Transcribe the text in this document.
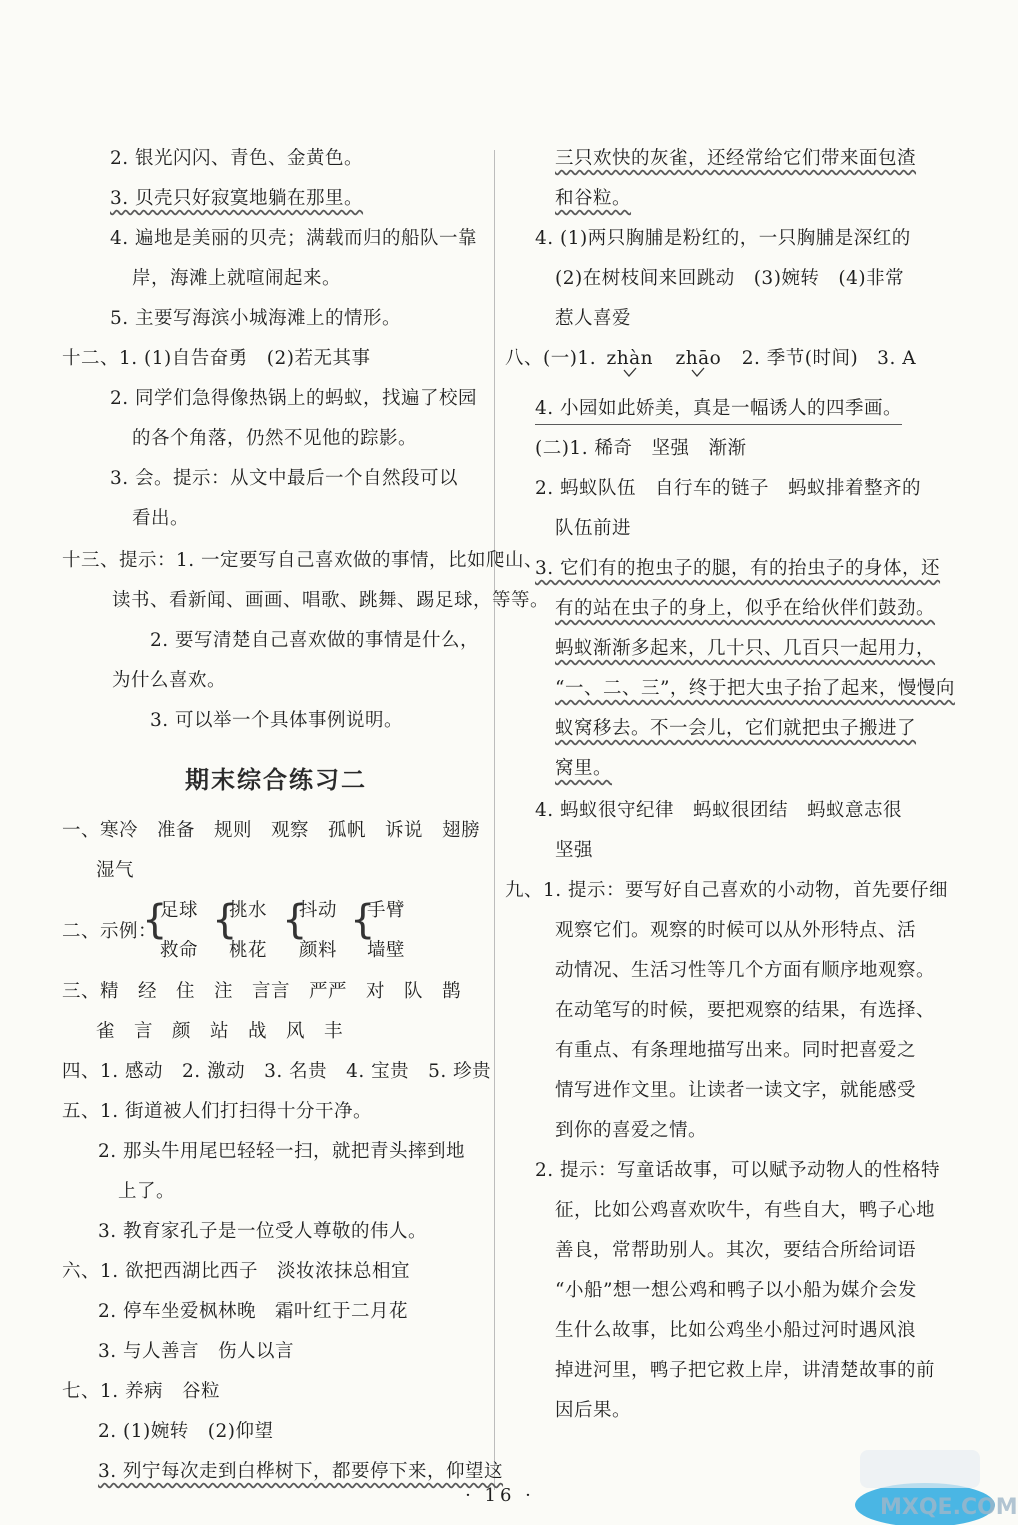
2. 银光闪闪、青色、金黄色。
3. 贝壳只好寂寞地躺在那里。
4. 遍地是美丽的贝壳；满载而归的船队一靠
岸，海滩上就喧闹起来。
5. 主要写海滨小城海滩上的情形。
十二、1. (1)自告奋勇　(2)若无其事
2. 同学们急得像热锅上的蚂蚁，找遍了校园
的各个角落，仍然不见他的踪影。
3. 会。提示：从文中最后一个自然段可以
看出。
十三、提示：1. 一定要写自己喜欢做的事情，比如爬山、
读书、看新闻、画画、唱歌、跳舞、踢足球，等等。
2. 要写清楚自己喜欢做的事情是什么，
为什么喜欢。
3. 可以举一个具体事例说明。
期末综合练习二
一、寒冷　准备　规则　观察　孤帆　诉说　翅膀
湿气
二、示例：
{
足球
救命
{
挑水
桃花
{
抖动
颜料
{
手臂
墙壁
三、精　经　住　注　言言　严严　对　队　鹊
雀　言　颜　站　战　风　丰
四、1. 感动　2. 激动　3. 名贵　4. 宝贵　5. 珍贵
五、1. 街道被人们打扫得十分干净。
2. 那头牛用尾巴轻轻一扫，就把青头摔到地
上了。
3. 教育家孔子是一位受人尊敬的伟人。
六、1. 欲把西湖比西子　淡妆浓抹总相宜
2. 停车坐爱枫林晚　霜叶红于二月花
3. 与人善言　伤人以言
七、1. 养病　谷粒
2. (1)婉转　(2)仰望
3. 列宁每次走到白桦树下，都要停下来，仰望这
三只欢快的灰雀，还经常给它们带来面包渣
和谷粒。
4. (1)两只胸脯是粉红的，一只胸脯是深红的
(2)在树枝间来回跳动　(3)婉转　(4)非常
惹人喜爱
八、(一)1. zhàn zhāo 2. 季节(时间)　3. A
4. 小园如此娇美，真是一幅诱人的四季画。
(二)1. 稀奇　坚强　渐渐
2. 蚂蚁队伍　自行车的链子　蚂蚁排着整齐的
队伍前进
3. 它们有的抱虫子的腿，有的抬虫子的身体，还
有的站在虫子的身上，似乎在给伙伴们鼓劲。
蚂蚁渐渐多起来，几十只、几百只一起用力，
“一、二、三”，终于把大虫子抬了起来，慢慢向
蚁窝移去。不一会儿，它们就把虫子搬进了
窝里。
4. 蚂蚁很守纪律　蚂蚁很团结　蚂蚁意志很
坚强
九、1. 提示：要写好自己喜欢的小动物，首先要仔细
观察它们。观察的时候可以从外形特点、活
动情况、生活习性等几个方面有顺序地观察。
在动笔写的时候，要把观察的结果，有选择、
有重点、有条理地描写出来。同时把喜爱之
情写进作文里。让读者一读文字，就能感受
到你的喜爱之情。
2. 提示：写童话故事，可以赋予动物人的性格特
征，比如公鸡喜欢吹牛，有些自大，鸭子心地
善良，常帮助别人。其次，要结合所给词语
“小船”想一想公鸡和鸭子以小船为媒介会发
生什么故事，比如公鸡坐小船过河时遇风浪
掉进河里，鸭子把它救上岸，讲清楚故事的前
因后果。
· 16 ·	MXQE.COM
